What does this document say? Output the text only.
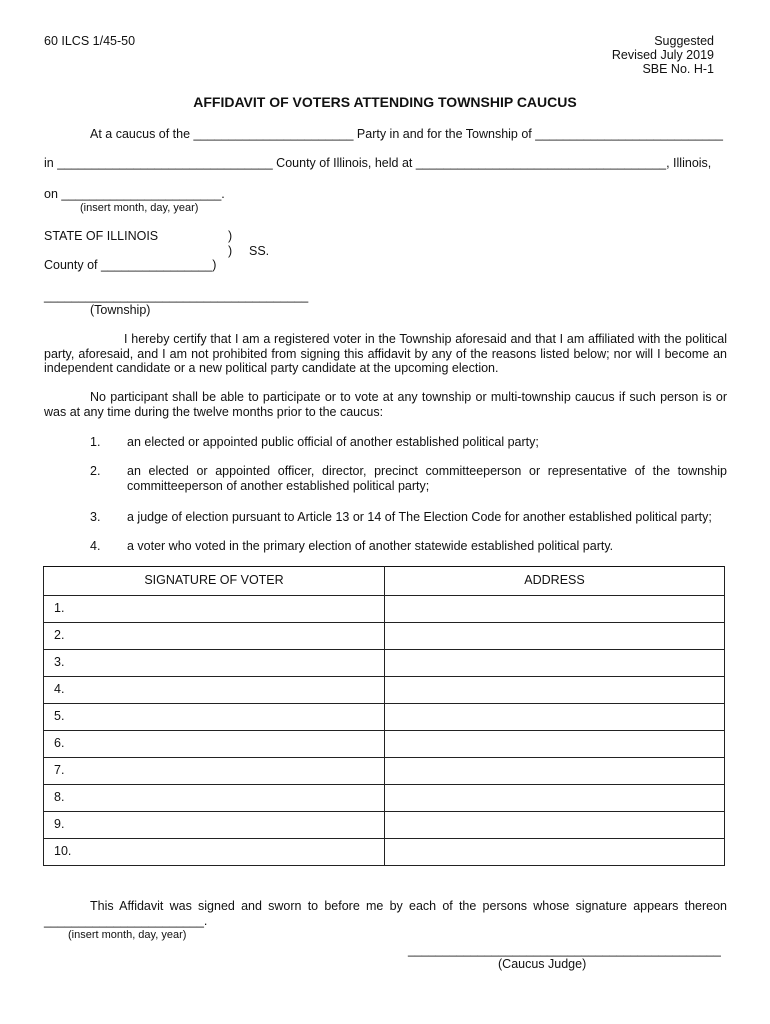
60 ILCS 1/45-50	Suggested
Revised July 2019
SBE No. H-1
AFFIDAVIT OF VOTERS ATTENDING TOWNSHIP CAUCUS
At a caucus of the _______________________ Party in and for the Township of ___________________________
in _______________________________ County of Illinois, held at ____________________________________, Illinois,
on _______________________.
(insert month, day, year)
STATE OF ILLINOIS	)
) SS.
County of ________________)
______________________________________
(Township)
I hereby certify that I am a registered voter in the Township aforesaid and that I am affiliated with the political party, aforesaid, and I am not prohibited from signing this affidavit by any of the reasons listed below; nor will I become an independent candidate or a new political party candidate at the upcoming election.
No participant shall be able to participate or to vote at any township or multi-township caucus if such person is or was at any time during the twelve months prior to the caucus:
1. an elected or appointed public official of another established political party;
2. an elected or appointed officer, director, precinct committeeperson or representative of the township committeeperson of another established political party;
3. a judge of election pursuant to Article 13 or 14 of The Election Code for another established political party;
4. a voter who voted in the primary election of another statewide established political party.
SIGNATURE OF VOTER	ADDRESS
1.	
2.	
3.	
4.	
5.	
6.	
7.	
8.	
9.	
10.	
This Affidavit was signed and sworn to before me by each of the persons whose signature appears thereon
_______________________.
(insert month, day, year)
_____________________________________________
(Caucus Judge)
